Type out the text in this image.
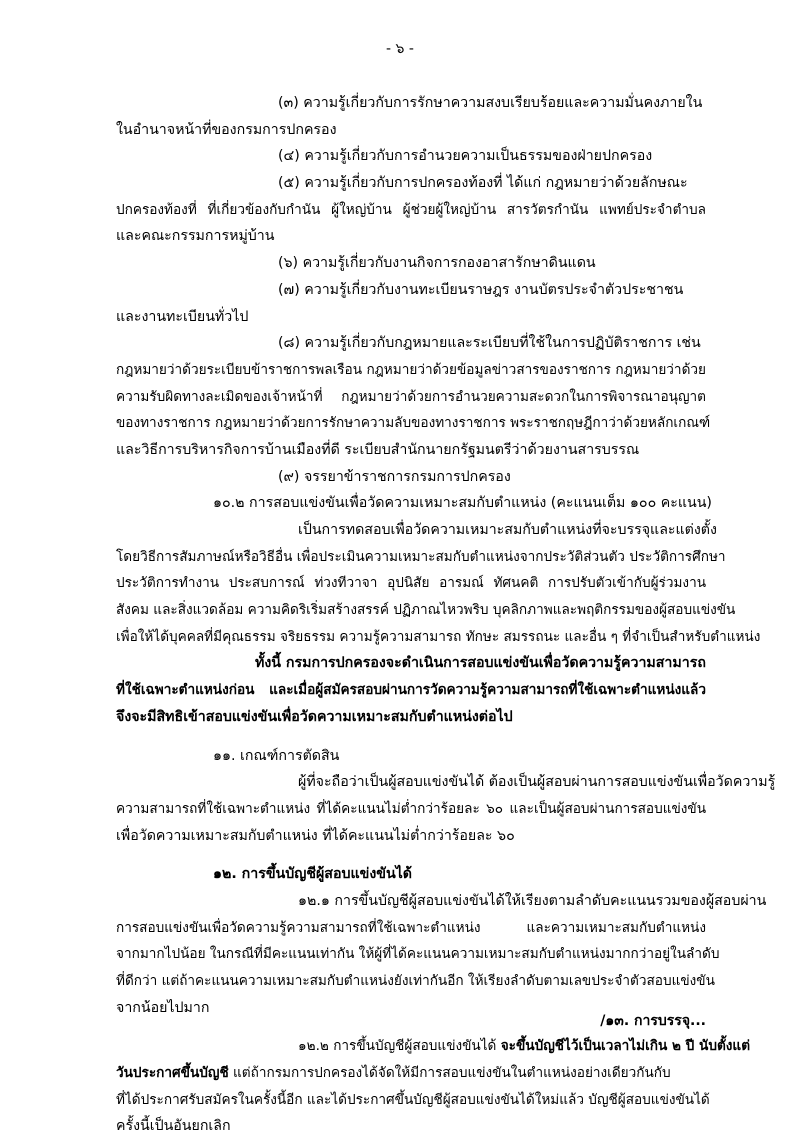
- ๖ -
(๓) ความรู้เกี่ยวกับการรักษาความสงบเรียบร้อยและความมั่นคงภายใน
ในอำนาจหน้าที่ของกรมการปกครอง
(๔) ความรู้เกี่ยวกับการอำนวยความเป็นธรรมของฝ่ายปกครอง
(๕) ความรู้เกี่ยวกับการปกครองท้องที่ ได้แก่ กฎหมายว่าด้วยลักษณะ
ปกครองท้องที่ ที่เกี่ยวข้องกับกำนัน ผู้ใหญ่บ้าน ผู้ช่วยผู้ใหญ่บ้าน สารวัตรกำนัน แพทย์ประจำตำบล
และคณะกรรมการหมู่บ้าน
(๖) ความรู้เกี่ยวกับงานกิจการกองอาสารักษาดินแดน
(๗) ความรู้เกี่ยวกับงานทะเบียนราษฎร งานบัตรประจำตัวประชาชน
และงานทะเบียนทั่วไป
(๘) ความรู้เกี่ยวกับกฎหมายและระเบียบที่ใช้ในการปฏิบัติราชการ เช่น
กฎหมายว่าด้วยระเบียบข้าราชการพลเรือน กฎหมายว่าด้วยข้อมูลข่าวสารของราชการ กฎหมายว่าด้วย
ความรับผิดทางละเมิดของเจ้าหน้าที่ กฎหมายว่าด้วยการอำนวยความสะดวกในการพิจารณาอนุญาต
ของทางราชการ กฎหมายว่าด้วยการรักษาความลับของทางราชการ พระราชกฤษฎีกาว่าด้วยหลักเกณฑ์
และวิธีการบริหารกิจการบ้านเมืองที่ดี ระเบียบสำนักนายกรัฐมนตรีว่าด้วยงานสารบรรณ
(๙) จรรยาข้าราชการกรมการปกครอง
๑๐.๒ การสอบแข่งขันเพื่อวัดความเหมาะสมกับตำแหน่ง (คะแนนเต็ม ๑๐๐ คะแนน)
เป็นการทดสอบเพื่อวัดความเหมาะสมกับตำแหน่งที่จะบรรจุและแต่งตั้ง
โดยวิธีการสัมภาษณ์หรือวิธีอื่น เพื่อประเมินความเหมาะสมกับตำแหน่งจากประวัติส่วนตัว ประวัติการศึกษา
ประวัติการทำงาน ประสบการณ์ ท่วงทีวาจา อุปนิสัย อารมณ์ ทัศนคติ การปรับตัวเข้ากับผู้ร่วมงาน
สังคม และสิ่งแวดล้อม ความคิดริเริ่มสร้างสรรค์ ปฏิภาณไหวพริบ บุคลิกภาพและพฤติกรรมของผู้สอบแข่งขัน
เพื่อให้ได้บุคคลที่มีคุณธรรม จริยธรรม ความรู้ความสามารถ ทักษะ สมรรถนะ และอื่น ๆ ที่จำเป็นสำหรับตำแหน่ง
ทั้งนี้ กรมการปกครองจะดำเนินการสอบแข่งขันเพื่อวัดความรู้ความสามารถ
ที่ใช้เฉพาะตำแหน่งก่อน และเมื่อผู้สมัครสอบผ่านการวัดความรู้ความสามารถที่ใช้เฉพาะตำแหน่งแล้ว
จึงจะมีสิทธิเข้าสอบแข่งขันเพื่อวัดความเหมาะสมกับตำแหน่งต่อไป
๑๑. เกณฑ์การตัดสิน
ผู้ที่จะถือว่าเป็นผู้สอบแข่งขันได้ ต้องเป็นผู้สอบผ่านการสอบแข่งขันเพื่อวัดความรู้
ความสามารถที่ใช้เฉพาะตำแหน่ง ที่ได้คะแนนไม่ต่ำกว่าร้อยละ ๖๐ และเป็นผู้สอบผ่านการสอบแข่งขัน
เพื่อวัดความเหมาะสมกับตำแหน่ง ที่ได้คะแนนไม่ต่ำกว่าร้อยละ ๖๐
๑๒. การขึ้นบัญชีผู้สอบแข่งขันได้
๑๒.๑ การขึ้นบัญชีผู้สอบแข่งขันได้ให้เรียงตามลำดับคะแนนรวมของผู้สอบผ่าน
การสอบแข่งขันเพื่อวัดความรู้ความสามารถที่ใช้เฉพาะตำแหน่ง และความเหมาะสมกับตำแหน่ง
จากมากไปน้อย ในกรณีที่มีคะแนนเท่ากัน ให้ผู้ที่ได้คะแนนความเหมาะสมกับตำแหน่งมากกว่าอยู่ในลำดับ
ที่ดีกว่า แต่ถ้าคะแนนความเหมาะสมกับตำแหน่งยังเท่ากันอีก ให้เรียงลำดับตามเลขประจำตัวสอบแข่งขัน
จากน้อยไปมาก
๑๒.๒ การขึ้นบัญชีผู้สอบแข่งขันได้ จะขึ้นบัญชีไว้เป็นเวลาไม่เกิน ๒ ปี นับตั้งแต่
วันประกาศขึ้นบัญชี แต่ถ้ากรมการปกครองได้จัดให้มีการสอบแข่งขันในตำแหน่งอย่างเดียวกันกับ
ที่ได้ประกาศรับสมัครในครั้งนี้อีก และได้ประกาศขึ้นบัญชีผู้สอบแข่งขันได้ใหม่แล้ว บัญชีผู้สอบแข่งขันได้
ครั้งนี้เป็นอันยกเลิก
/๑๓. การบรรจุ...
